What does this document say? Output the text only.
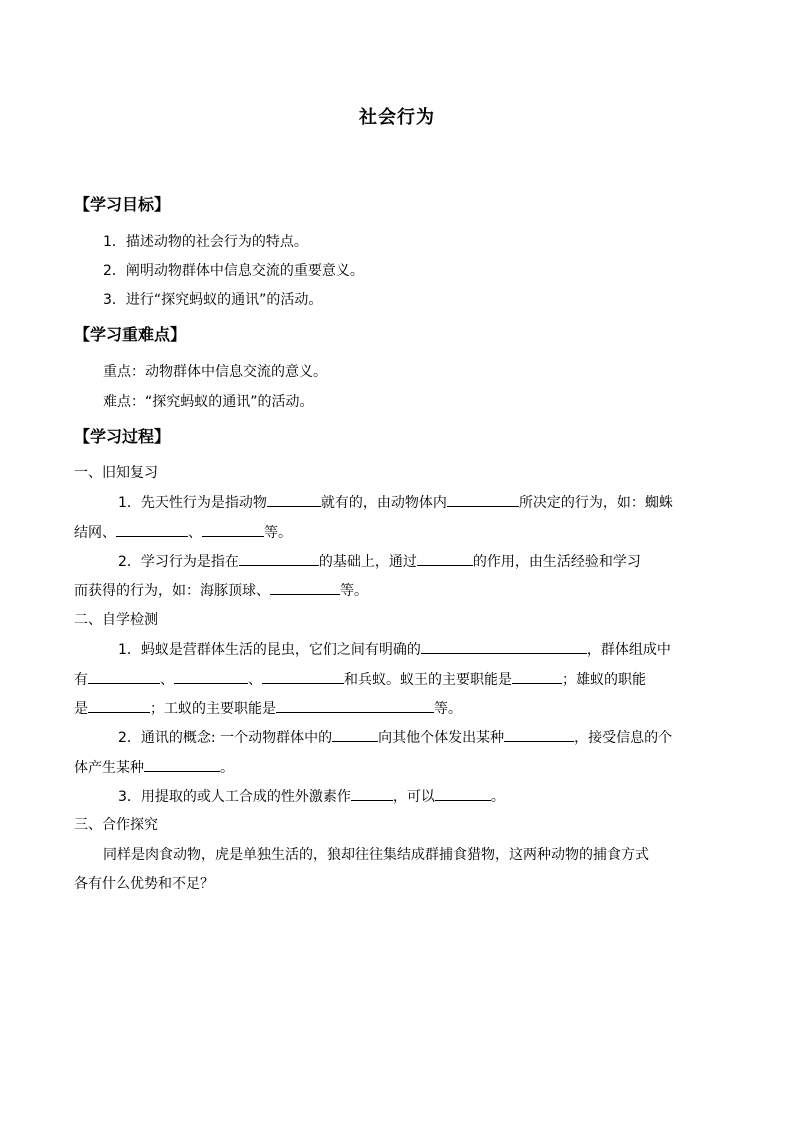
社会行为
【学习目标】
1．描述动物的社会行为的特点。
2．阐明动物群体中信息交流的重要意义。
3．进行“探究蚂蚁的通讯”的活动。
【学习重难点】
重点：动物群体中信息交流的意义。
难点：“探究蚂蚁的通讯”的活动。
【学习过程】
一、旧知复习
1．先天性行为是指动物	就有的，由动物体内	所决定的行为，如：蜘蛛
结网、	、	等。
2．学习行为是指在	的基础上，通过	的作用，由生活经验和学习
而获得的行为，如：海豚顶球、	等。
二、自学检测
1．蚂蚁是营群体生活的昆虫，它们之间有明确的	，群体组成中
有	、	、	和兵蚁。蚁王的主要职能是	；雄蚁的职能
是	；工蚁的主要职能是	等。
2．通讯的概念: 一个动物群体中的	向其他个体发出某种	，接受信息的个
体产生某种	。
3．用提取的或人工合成的性外激素作	，可以	。
三、合作探究
同样是肉食动物，虎是单独生活的，狼却往往集结成群捕食猎物，这两种动物的捕食方式
各有什么优势和不足？
